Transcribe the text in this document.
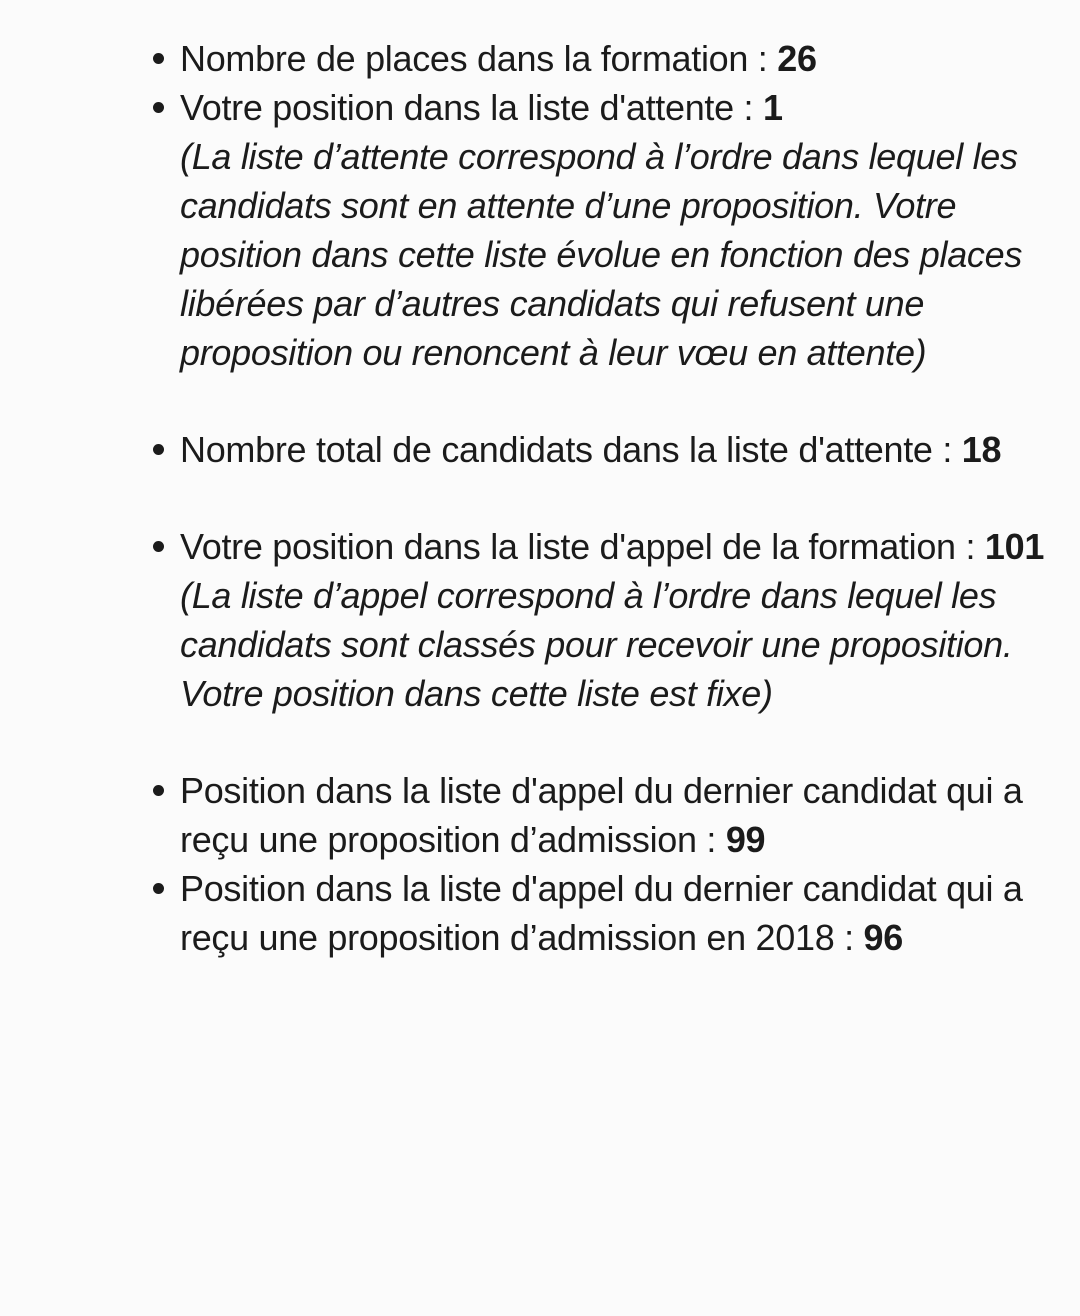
Nombre de places dans la formation : 26
Votre position dans la liste d'attente : 1
(La liste d’attente correspond à l’ordre dans lequel les candidats sont en attente d’une proposition. Votre position dans cette liste évolue en fonction des places libérées par d’autres candidats qui refusent une proposition ou renoncent à leur vœu en attente)
Nombre total de candidats dans la liste d'attente : 18
Votre position dans la liste d'appel de la formation : 101
(La liste d’appel correspond à l’ordre dans lequel les candidats sont classés pour recevoir une proposition. Votre position dans cette liste est fixe)
Position dans la liste d'appel du dernier candidat qui a reçu une proposition d’admission : 99
Position dans la liste d'appel du dernier candidat qui a reçu une proposition d’admission en 2018 : 96
